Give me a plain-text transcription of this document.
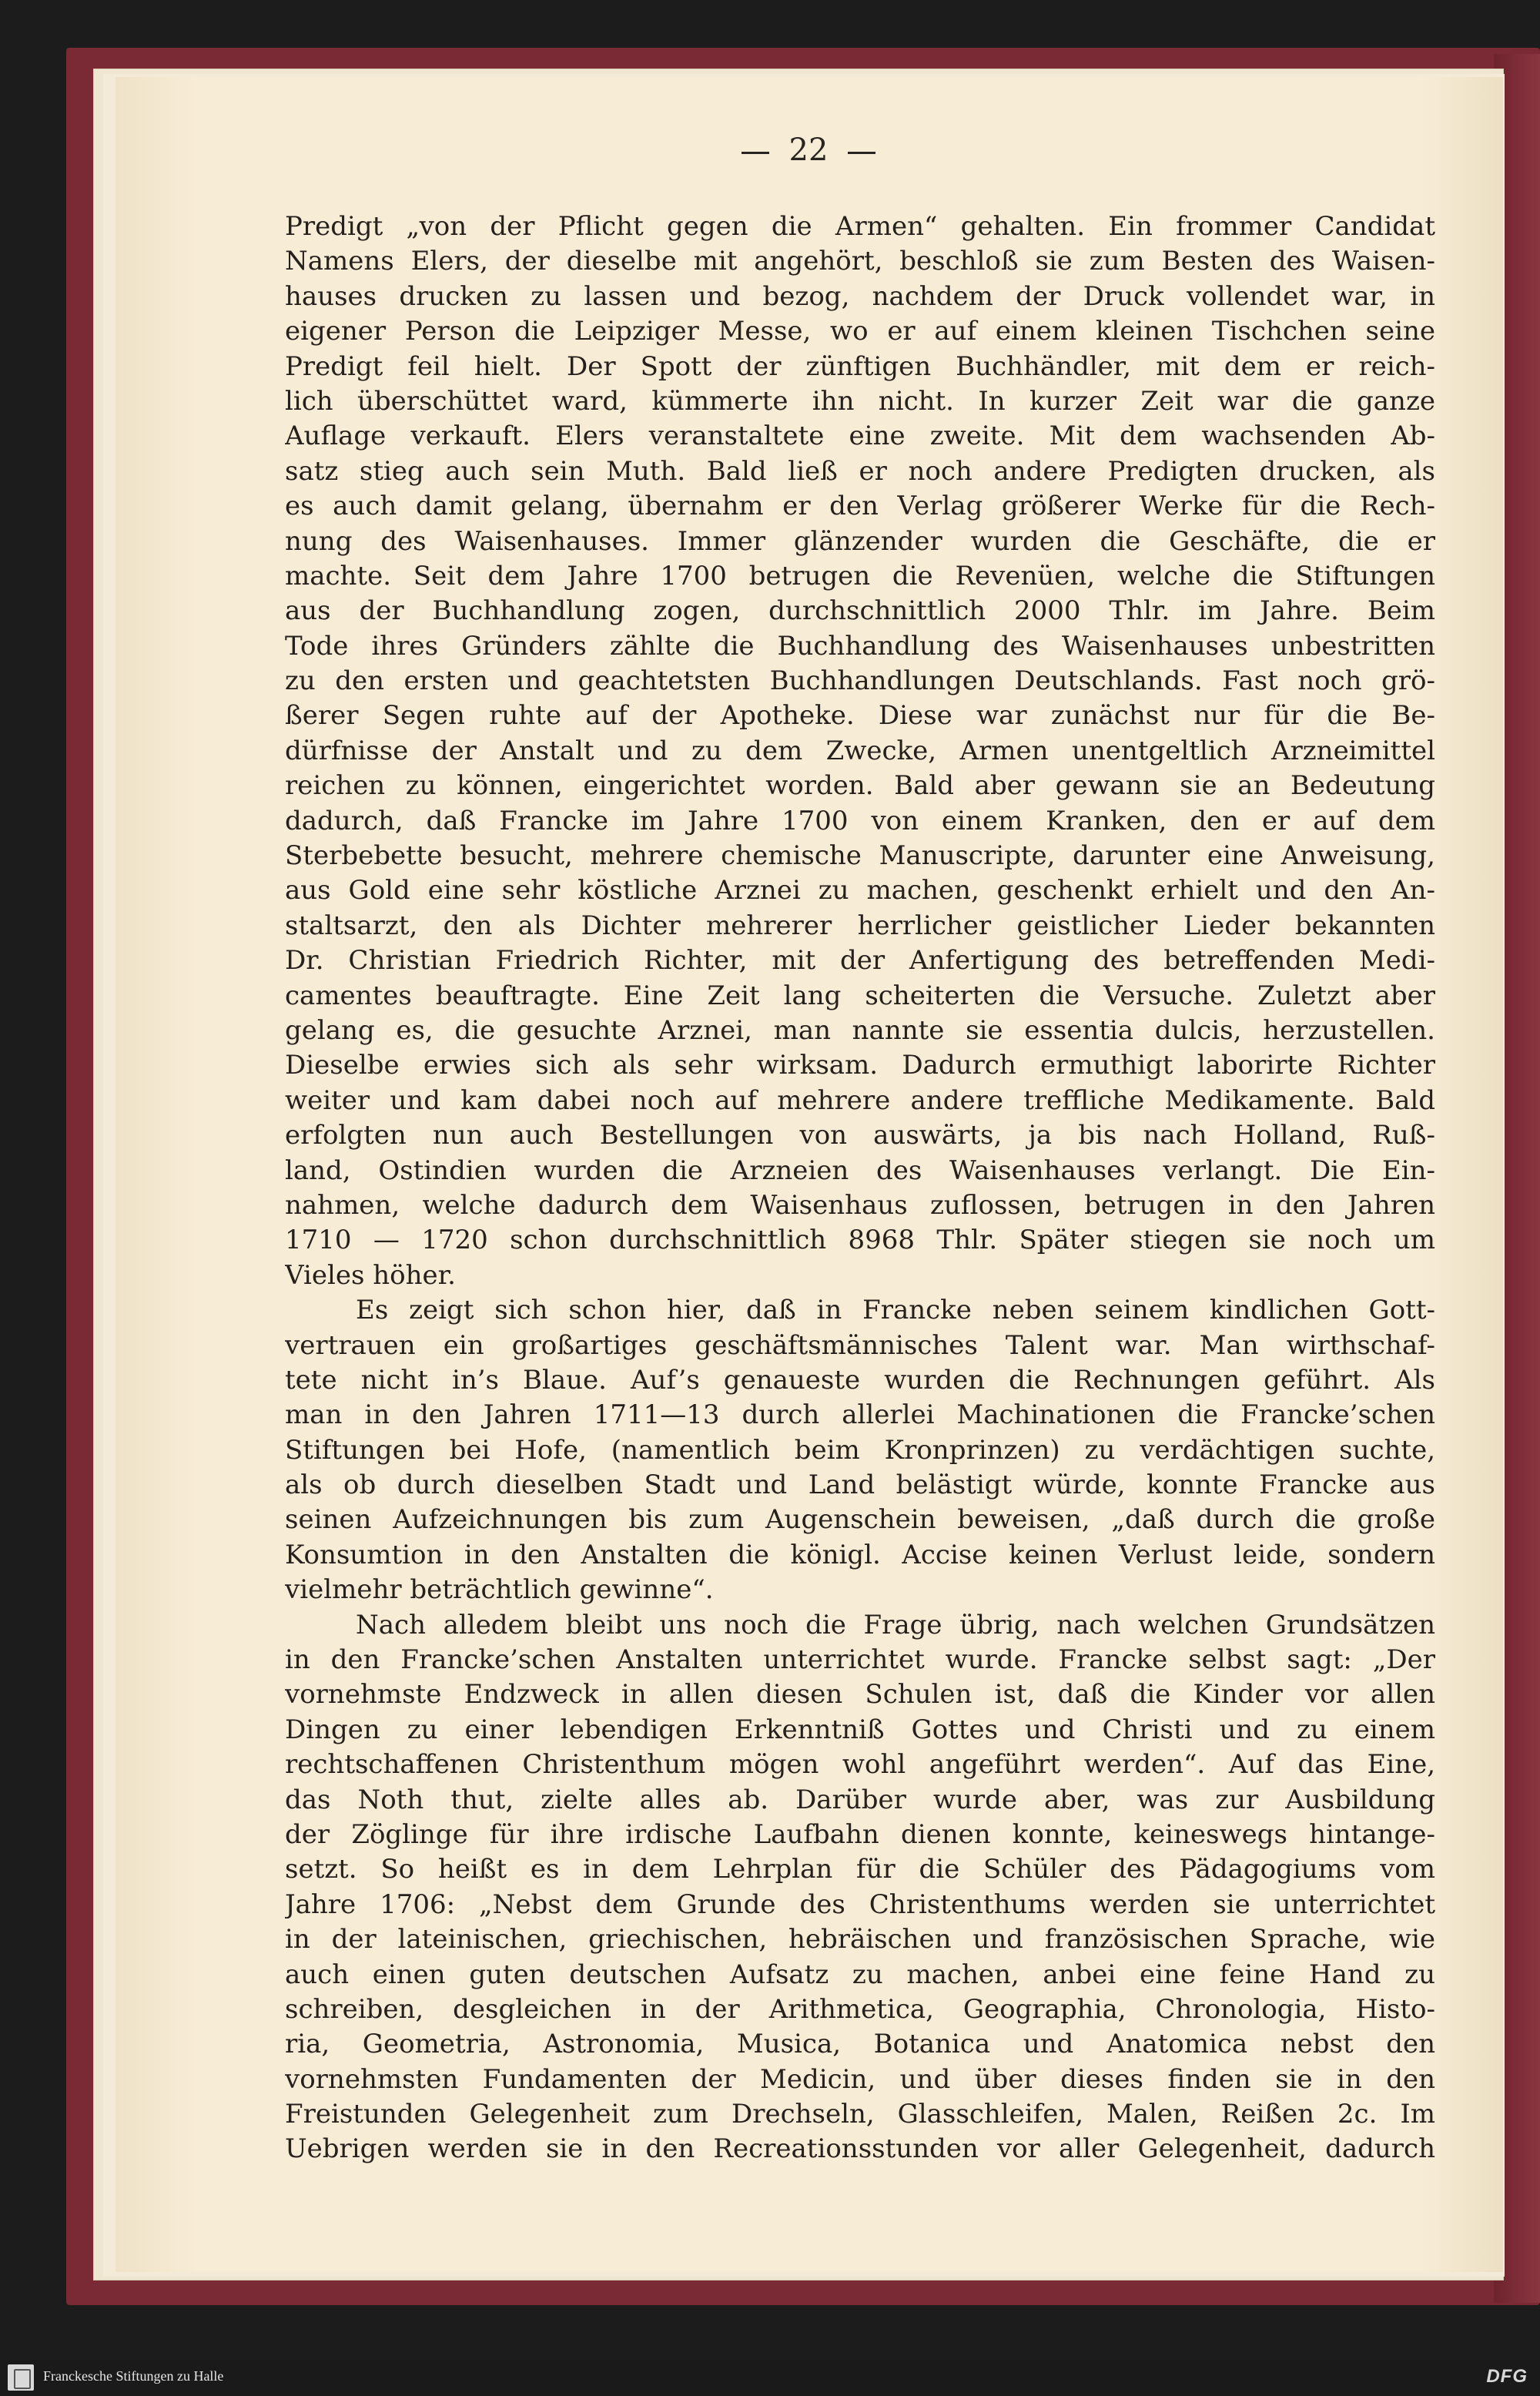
22
Predigt „von der Pflicht gegen die Armen“ gehalten. Ein frommer Candidat
Namens Elers, der dieselbe mit angehört, beschloß sie zum Besten des Waisen-
hauses drucken zu lassen und bezog, nachdem der Druck vollendet war, in
eigener Person die Leipziger Messe, wo er auf einem kleinen Tischchen seine
Predigt feil hielt. Der Spott der zünftigen Buchhändler, mit dem er reich-
lich überschüttet ward, kümmerte ihn nicht. In kurzer Zeit war die ganze
Auflage verkauft. Elers veranstaltete eine zweite. Mit dem wachsenden Ab-
satz stieg auch sein Muth. Bald ließ er noch andere Predigten drucken, als
es auch damit gelang, übernahm er den Verlag größerer Werke für die Rech-
nung des Waisenhauses. Immer glänzender wurden die Geschäfte, die er
machte. Seit dem Jahre 1700 betrugen die Revenüen, welche die Stiftungen
aus der Buchhandlung zogen, durchschnittlich 2000 Thlr. im Jahre. Beim
Tode ihres Gründers zählte die Buchhandlung des Waisenhauses unbestritten
zu den ersten und geachtetsten Buchhandlungen Deutschlands. Fast noch grö-
ßerer Segen ruhte auf der Apotheke. Diese war zunächst nur für die Be-
dürfnisse der Anstalt und zu dem Zwecke, Armen unentgeltlich Arzneimittel
reichen zu können, eingerichtet worden. Bald aber gewann sie an Bedeutung
dadurch, daß Francke im Jahre 1700 von einem Kranken, den er auf dem
Sterbebette besucht, mehrere chemische Manuscripte, darunter eine Anweisung,
aus Gold eine sehr köstliche Arznei zu machen, geschenkt erhielt und den An-
staltsarzt, den als Dichter mehrerer herrlicher geistlicher Lieder bekannten
Dr. Christian Friedrich Richter, mit der Anfertigung des betreffenden Medi-
camentes beauftragte. Eine Zeit lang scheiterten die Versuche. Zuletzt aber
gelang es, die gesuchte Arznei, man nannte sie essentia dulcis, herzustellen.
Dieselbe erwies sich als sehr wirksam. Dadurch ermuthigt laborirte Richter
weiter und kam dabei noch auf mehrere andere treffliche Medikamente. Bald
erfolgten nun auch Bestellungen von auswärts, ja bis nach Holland, Ruß-
land, Ostindien wurden die Arzneien des Waisenhauses verlangt. Die Ein-
nahmen, welche dadurch dem Waisenhaus zuflossen, betrugen in den Jahren
1710 — 1720 schon durchschnittlich 8968 Thlr. Später stiegen sie noch um
Vieles höher.
Es zeigt sich schon hier, daß in Francke neben seinem kindlichen Gott-
vertrauen ein großartiges geschäftsmännisches Talent war. Man wirthschaf-
tete nicht in’s Blaue. Auf’s genaueste wurden die Rechnungen geführt. Als
man in den Jahren 1711—13 durch allerlei Machinationen die Francke’schen
Stiftungen bei Hofe, (namentlich beim Kronprinzen) zu verdächtigen suchte,
als ob durch dieselben Stadt und Land belästigt würde, konnte Francke aus
seinen Aufzeichnungen bis zum Augenschein beweisen, „daß durch die große
Konsumtion in den Anstalten die königl. Accise keinen Verlust leide, sondern
vielmehr beträchtlich gewinne“.
Nach alledem bleibt uns noch die Frage übrig, nach welchen Grundsätzen
in den Francke’schen Anstalten unterrichtet wurde. Francke selbst sagt: „Der
vornehmste Endzweck in allen diesen Schulen ist, daß die Kinder vor allen
Dingen zu einer lebendigen Erkenntniß Gottes und Christi und zu einem
rechtschaffenen Christenthum mögen wohl angeführt werden“. Auf das Eine,
das Noth thut, zielte alles ab. Darüber wurde aber, was zur Ausbildung
der Zöglinge für ihre irdische Laufbahn dienen konnte, keineswegs hintange-
setzt. So heißt es in dem Lehrplan für die Schüler des Pädagogiums vom
Jahre 1706: „Nebst dem Grunde des Christenthums werden sie unterrichtet
in der lateinischen, griechischen, hebräischen und französischen Sprache, wie
auch einen guten deutschen Aufsatz zu machen, anbei eine feine Hand zu
schreiben, desgleichen in der Arithmetica, Geographia, Chronologia, Histo-
ria, Geometria, Astronomia, Musica, Botanica und Anatomica nebst den
vornehmsten Fundamenten der Medicin, und über dieses finden sie in den
Freistunden Gelegenheit zum Drechseln, Glasschleifen, Malen, Reißen 2c. Im
Uebrigen werden sie in den Recreationsstunden vor aller Gelegenheit, dadurch
Franckesche Stiftungen zu Halle	DFG
